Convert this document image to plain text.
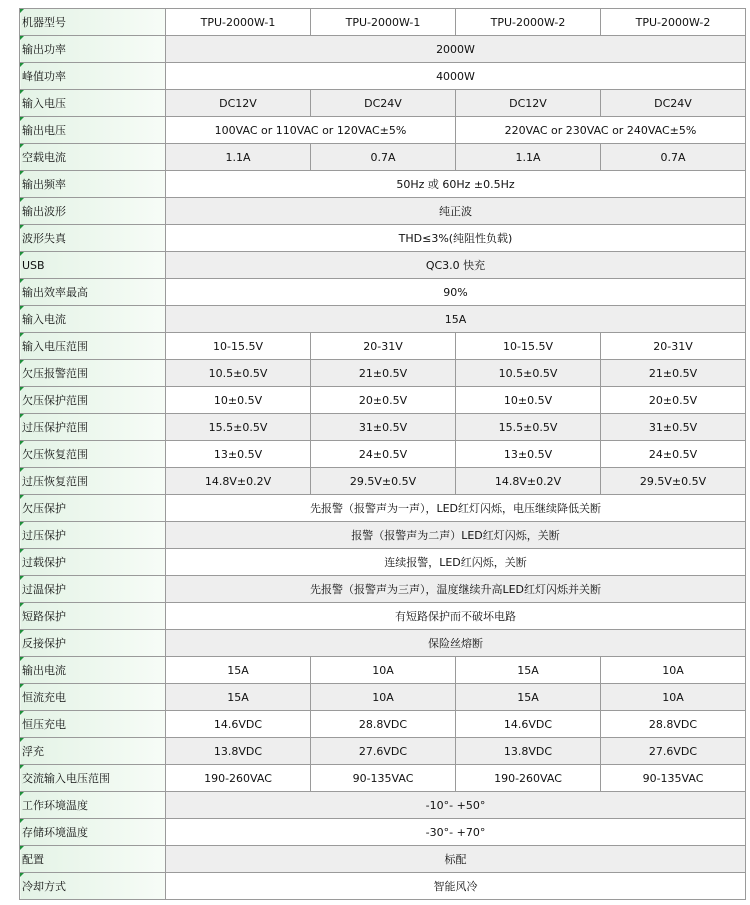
机器型号	TPU-2000W-1	TPU-2000W-1	TPU-2000W-2	TPU-2000W-2
输出功率	2000W			
峰值功率	4000W			
输入电压	DC12V	DC24V	DC12V	DC24V
输出电压	100VAC or 110VAC or 120VAC±5%		220VAC or 230VAC or 240VAC±5%	
空载电流	1.1A	0.7A	1.1A	0.7A
输出频率	50Hz 或 60Hz ±0.5Hz			
输出波形	纯正波			
波形失真	THD≤3%(纯阻性负载)			
USB	QC3.0 快充			
输出效率最高	90%			
输入电流	15A			
输入电压范围	10-15.5V	20-31V	10-15.5V	20-31V
欠压报警范围	10.5±0.5V	21±0.5V	10.5±0.5V	21±0.5V
欠压保护范围	10±0.5V	20±0.5V	10±0.5V	20±0.5V
过压保护范围	15.5±0.5V	31±0.5V	15.5±0.5V	31±0.5V
欠压恢复范围	13±0.5V	24±0.5V	13±0.5V	24±0.5V
过压恢复范围	14.8V±0.2V	29.5V±0.5V	14.8V±0.2V	29.5V±0.5V
欠压保护	先报警（报警声为一声），LED红灯闪烁，电压继续降低关断			
过压保护	报警（报警声为二声）LED红灯闪烁，关断			
过载保护	连续报警，LED红闪烁，关断			
过温保护	先报警（报警声为三声），温度继续升高LED红灯闪烁并关断			
短路保护	有短路保护而不破坏电路			
反接保护	保险丝熔断			
输出电流	15A	10A	15A	10A
恒流充电	15A	10A	15A	10A
恒压充电	14.6VDC	28.8VDC	14.6VDC	28.8VDC
浮充	13.8VDC	27.6VDC	13.8VDC	27.6VDC
交流输入电压范围	190-260VAC	90-135VAC	190-260VAC	90-135VAC
工作环境温度	-10°- +50°			
存储环境温度	-30°- +70°			
配置	标配			
冷却方式	智能风冷			
